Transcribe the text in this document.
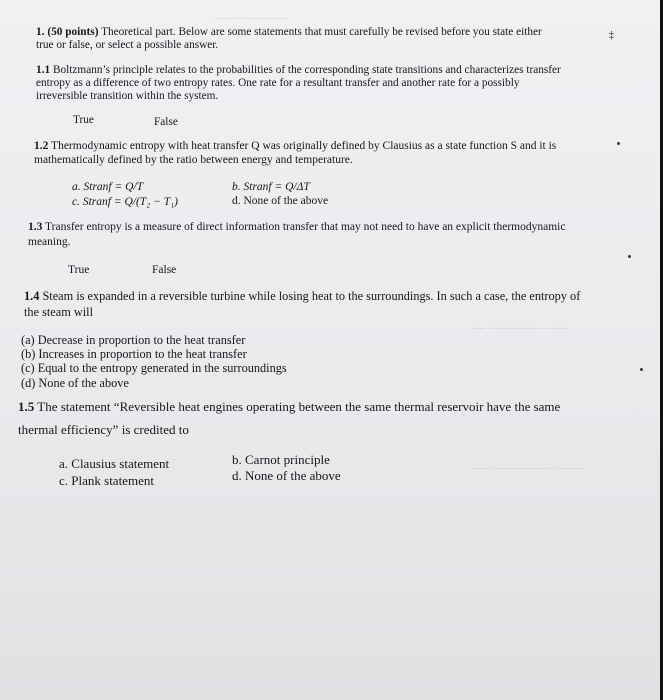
────── ───
─── ─────── ──
──── ─────── ───
1. (50 points) Theoretical part. Below are some statements that must carefully be revised before you state either
true or false, or select a possible answer.
‡
1.1 Boltzmann’s principle relates to the probabilities of the corresponding state transitions and characterizes transfer
entropy as a difference of two entropy rates. One rate for a resultant transfer and another rate for a possibly
irreversible transition within the system.
True	False
1.2 Thermodynamic entropy with heat transfer Q was originally defined by Clausius as a state function S and it is
mathematically defined by the ratio between energy and temperature.
a. Stranf = Q/T	b. Stranf = Q/ΔT
c. Stranf = Q/(T₂ − T₁)	d. None of the above
1.3 Transfer entropy is a measure of direct information transfer that may not need to have an explicit thermodynamic
meaning.
True	False
1.4 Steam is expanded in a reversible turbine while losing heat to the surroundings. In such a case, the entropy of
the steam will
(a) Decrease in proportion to the heat transfer
(b) Increases in proportion to the heat transfer
(c) Equal to the entropy generated in the surroundings
(d) None of the above
1.5 The statement “Reversible heat engines operating between the same thermal reservoir have the same
thermal efficiency” is credited to
a. Clausius statement	b. Carnot principle
c. Plank statement	d. None of the above
